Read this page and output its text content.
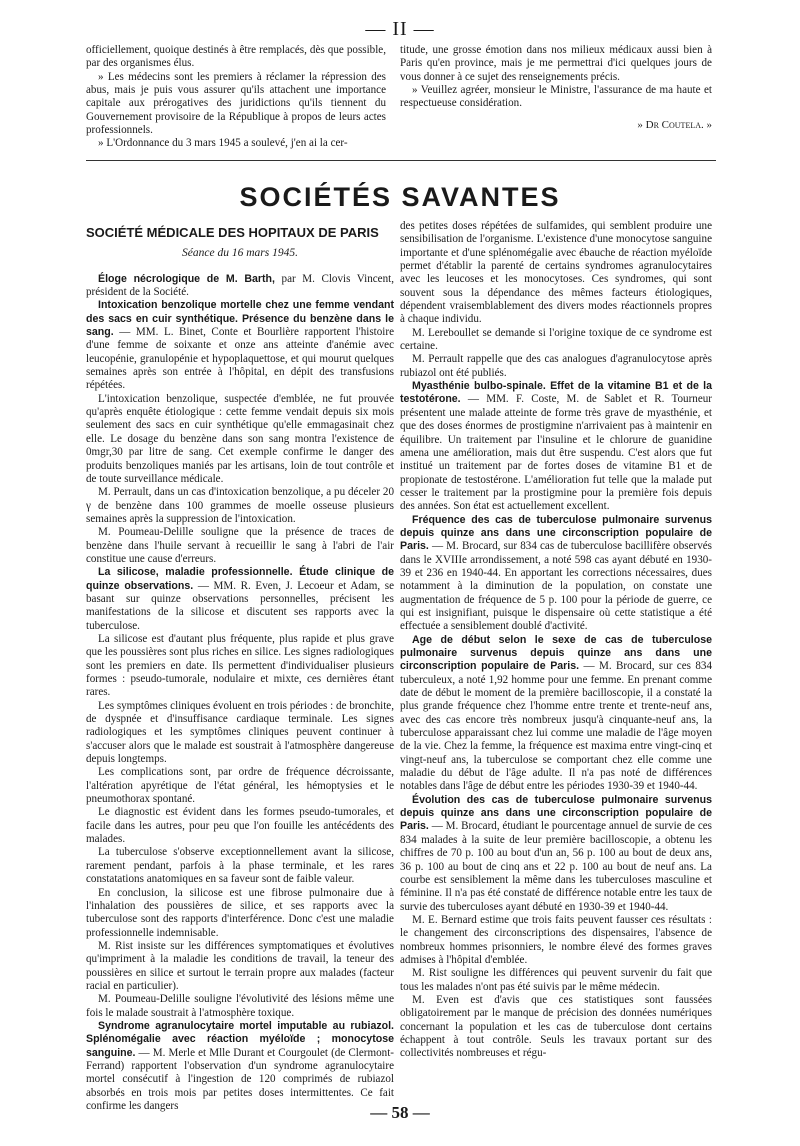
— II —

officiellement, quoique destinés à être remplacés, dès que possible, par des organismes élus.

» Les médecins sont les premiers à réclamer la répression des abus, mais je puis vous assurer qu'ils attachent une importance capitale aux prérogatives des juridictions qu'ils tiennent du Gouvernement provisoire de la République à propos de leurs actes professionnels.

» L'Ordonnance du 3 mars 1945 a soulevé, j'en ai la cer-

titude, une grosse émotion dans nos milieux médicaux aussi bien à Paris qu'en province, mais je me permettrai d'ici quelques jours de vous donner à ce sujet des renseignements précis.

» Veuillez agréer, monsieur le Ministre, l'assurance de ma haute et respectueuse considération.

» Dr Coutela. »
SOCIÉTÉS SAVANTES

SOCIÉTÉ MÉDICALE DES HOPITAUX DE PARIS

Séance du 16 mars 1945.

Éloge nécrologique de M. Barth, par M. Clovis Vincent, président de la Société.

Intoxication benzolique mortelle chez une femme vendant des sacs en cuir synthétique. Présence du benzène dans le sang. — MM. L. Binet, Conte et Bourlière rapportent l'histoire d'une femme de soixante et onze ans atteinte d'anémie avec leucopénie, granulopénie et hypoplaquettose, et qui mourut quelques semaines après son entrée à l'hôpital, en dépit des transfusions répétées.

L'intoxication benzolique, suspectée d'emblée, ne fut prouvée qu'après enquête étiologique : cette femme vendait depuis six mois seulement des sacs en cuir synthétique qu'elle emmagasinait chez elle. Le dosage du benzène dans son sang montra l'existence de 0mgr,30 par litre de sang. Cet exemple confirme le danger des produits benzoliques maniés par les artisans, loin de tout contrôle et de toute surveillance médicale.

M. Perrault, dans un cas d'intoxication benzolique, a pu déceler 20 γ de benzène dans 100 grammes de moelle osseuse plusieurs semaines après la suppression de l'intoxication.

M. Poumeau-Delille souligne que la présence de traces de benzène dans l'huile servant à recueillir le sang à l'abri de l'air constitue une cause d'erreurs.

La silicose, maladie professionnelle. Étude clinique de quinze observations. — MM. R. Even, J. Lecoeur et Adam, se basant sur quinze observations personnelles, précisent les manifestations de la silicose et discutent ses rapports avec la tuberculose.

La silicose est d'autant plus fréquente, plus rapide et plus grave que les poussières sont plus riches en silice. Les signes radiologiques sont les premiers en date. Ils permettent d'individualiser plusieurs formes : pseudo-tumorale, nodulaire et mixte, ces dernières étant rares.

Les symptômes cliniques évoluent en trois périodes : de bronchite, de dyspnée et d'insuffisance cardiaque terminale. Les signes radiologiques et les symptômes cliniques peuvent continuer à s'accuser alors que le malade est soustrait à l'atmosphère dangereuse depuis longtemps.

Les complications sont, par ordre de fréquence décroissante, l'altération apyrétique de l'état général, les hémoptysies et le pneumothorax spontané.

Le diagnostic est évident dans les formes pseudo-tumorales, et facile dans les autres, pour peu que l'on fouille les antécédents des malades.

La tuberculose s'observe exceptionnellement avant la silicose, rarement pendant, parfois à la phase terminale, et les rares constatations anatomiques en sa faveur sont de faible valeur.

En conclusion, la silicose est une fibrose pulmonaire due à l'inhalation des poussières de silice, et ses rapports avec la tuberculose sont des rapports d'interférence. Donc c'est une maladie professionnelle indemnisable.

M. Rist insiste sur les différences symptomatiques et évolutives qu'impriment à la maladie les conditions de travail, la teneur des poussières en silice et surtout le terrain propre aux malades (facteur racial en particulier).

M. Poumeau-Delille souligne l'évolutivité des lésions même une fois le malade soustrait à l'atmosphère toxique.

Syndrome agranulocytaire mortel imputable au rubiazol. Splénomégalie avec réaction myéloïde ; monocytose sanguine. — M. Merle et Mlle Durant et Courgoulet (de Clermont-Ferrand) rapportent l'observation d'un syndrome agranulocytaire mortel consécutif à l'ingestion de 120 comprimés de rubiazol absorbés en trois mois par petites doses intermittentes. Ce fait confirme les dangers

des petites doses répétées de sulfamides, qui semblent produire une sensibilisation de l'organisme. L'existence d'une monocytose sanguine importante et d'une splénomégalie avec ébauche de réaction myéloïde permet d'établir la parenté de certains syndromes agranulocytaires avec les leucoses et les monocytoses. Ces syndromes, qui sont souvent sous la dépendance des mêmes facteurs étiologiques, dépendent vraisemblablement des divers modes réactionnels propres à chaque individu.

M. Lereboullet se demande si l'origine toxique de ce syndrome est certaine.

M. Perrault rappelle que des cas analogues d'agranulocytose après rubiazol ont été publiés.

Myasthénie bulbo-spinale. Effet de la vitamine B1 et de la testotérone. — MM. F. Coste, M. de Sablet et R. Tourneur présentent une malade atteinte de forme très grave de myasthénie, et que des doses énormes de prostigmine n'arrivaient pas à maintenir en équilibre. Un traitement par l'insuline et le chlorure de guanidine amena une amélioration, mais dut être suspendu. C'est alors que fut institué un traitement par de fortes doses de vitamine B1 et de propionate de testostérone. L'amélioration fut telle que la malade put cesser le traitement par la prostigmine pour la première fois depuis des années. Son état est actuellement excellent.

Fréquence des cas de tuberculose pulmonaire survenus depuis quinze ans dans une circonscription populaire de Paris. — M. Brocard, sur 834 cas de tuberculose bacillifère observés dans le XVIIIe arrondissement, a noté 598 cas ayant débuté en 1930-39 et 236 en 1940-44. En apportant les corrections nécessaires, dues notamment à la diminution de la population, on constate une augmentation de fréquence de 5 p. 100 pour la période de guerre, ce qui est insignifiant, puisque le dispensaire où cette statistique a été effectuée a sensiblement doublé d'activité.

Age de début selon le sexe de cas de tuberculose pulmonaire survenus depuis quinze ans dans une circonscription populaire de Paris. — M. Brocard, sur ces 834 tuberculeux, a noté 1,92 homme pour une femme. En prenant comme date de début le moment de la première bacilloscopie, il a constaté la plus grande fréquence chez l'homme entre trente et trente-neuf ans, avec des cas encore très nombreux jusqu'à cinquante-neuf ans, la tuberculose apparaissant chez lui comme une maladie de l'âge moyen de la vie. Chez la femme, la fréquence est maxima entre vingt-cinq et vingt-neuf ans, la tuberculose se comportant chez elle comme une maladie du début de l'âge adulte. Il n'a pas noté de différences notables dans l'âge de début entre les périodes 1930-39 et 1940-44.

Évolution des cas de tuberculose pulmonaire survenus depuis quinze ans dans une circonscription populaire de Paris. — M. Brocard, étudiant le pourcentage annuel de survie de ces 834 malades à la suite de leur première bacilloscopie, a obtenu les chiffres de 70 p. 100 au bout d'un an, 56 p. 100 au bout de deux ans, 36 p. 100 au bout de cinq ans et 22 p. 100 au bout de neuf ans. La courbe est sensiblement la même dans les tuberculoses masculine et féminine. Il n'a pas été constaté de différence notable entre les taux de survie des tuberculoses ayant débuté en 1930-39 et 1940-44.

M. E. Bernard estime que trois faits peuvent fausser ces résultats : le changement des circonscriptions des dispensaires, l'absence de nombreux hommes prisonniers, le nombre élevé des formes graves admises à l'hôpital d'emblée.

M. Rist souligne les différences qui peuvent survenir du fait que tous les malades n'ont pas été suivis par le même médecin.

M. Even est d'avis que ces statistiques sont faussées obligatoirement par le manque de précision des données numériques concernant la population et les cas de tuberculose dont certains échappent à tout contrôle. Seuls les travaux portant sur des collectivités nombreuses et régu-

— 58 —
